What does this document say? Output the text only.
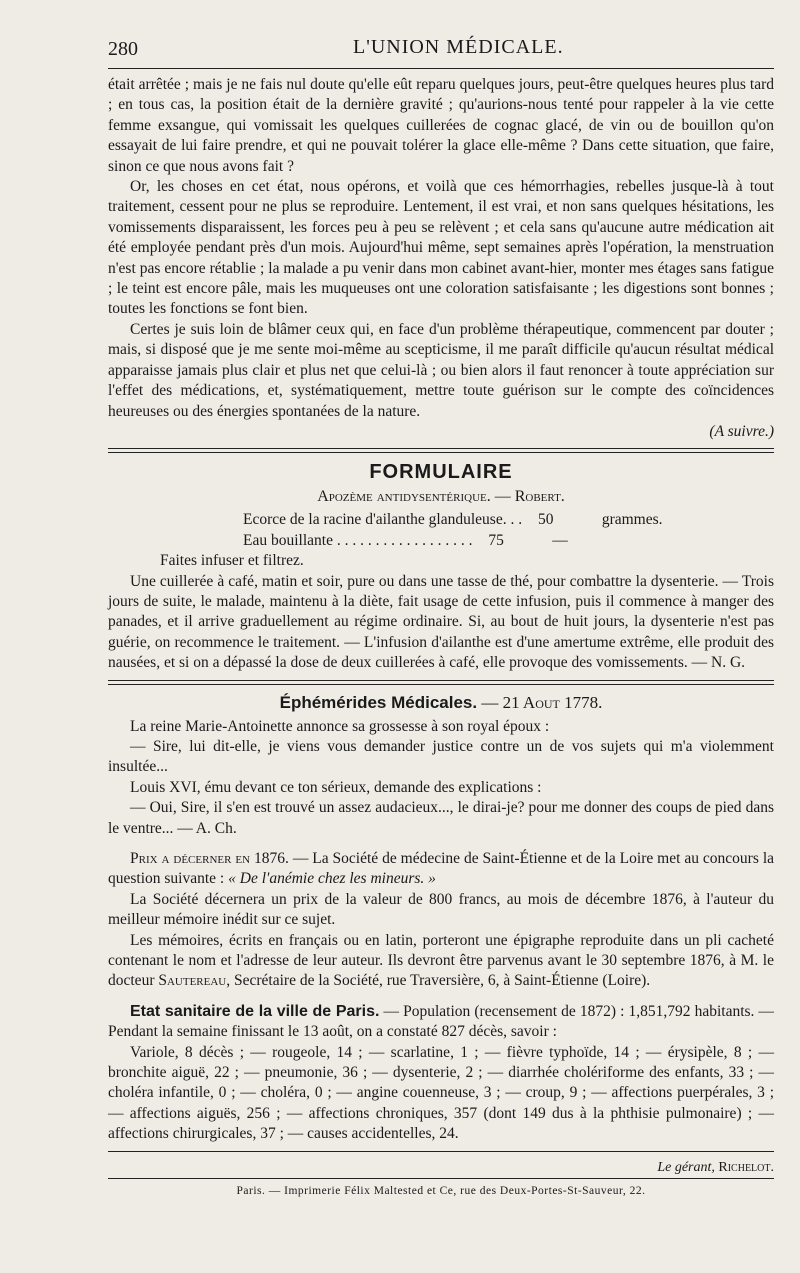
280	L'UNION MÉDICALE.

était arrêtée ; mais je ne fais nul doute qu'elle eût reparu quelques jours, peut-être quelques heures plus tard ; en tous cas, la position était de la dernière gravité ; qu'aurions-nous tenté pour rappeler à la vie cette femme exsangue, qui vomissait les quelques cuillerées de cognac glacé, de vin ou de bouillon qu'on essayait de lui faire prendre, et qui ne pouvait tolérer la glace elle-même ? Dans cette situation, que faire, sinon ce que nous avons fait ?

Or, les choses en cet état, nous opérons, et voilà que ces hémorrhagies, rebelles jusque-là à tout traitement, cessent pour ne plus se reproduire. Lentement, il est vrai, et non sans quelques hésitations, les vomissements disparaissent, les forces peu à peu se relèvent ; et cela sans qu'aucune autre médication ait été employée pendant près d'un mois. Aujourd'hui même, sept semaines après l'opération, la menstruation n'est pas encore rétablie ; la malade a pu venir dans mon cabinet avant-hier, monter mes étages sans fatigue ; le teint est encore pâle, mais les muqueuses ont une coloration satisfaisante ; les digestions sont bonnes ; toutes les fonctions se font bien.

Certes je suis loin de blâmer ceux qui, en face d'un problème thérapeutique, commencent par douter ; mais, si disposé que je me sente moi-même au scepticisme, il me paraît difficile qu'aucun résultat médical apparaisse jamais plus clair et plus net que celui-là ; ou bien alors il faut renoncer à toute appréciation sur l'effet des médications, et, systématiquement, mettre toute guérison sur le compte des coïncidences heureuses ou des énergies spontanées de la nature.

(A suivre.)

FORMULAIRE
Apozème antidysentérique. — Robert.
Ecorce de la racine d'ailanthe glanduleuse. . . 50	grammes.
Eau bouillante . . . . . . . . . . . . . . . . . . 75	—

Faites infuser et filtrez.

Une cuillerée à café, matin et soir, pure ou dans une tasse de thé, pour combattre la dysenterie. — Trois jours de suite, le malade, maintenu à la diète, fait usage de cette infusion, puis il commence à manger des panades, et il arrive graduellement au régime ordinaire. Si, au bout de huit jours, la dysenterie n'est pas guérie, on recommence le traitement. — L'infusion d'ailanthe est d'une amertume extrême, elle produit des nausées, et si on a dépassé la dose de deux cuillerées à café, elle provoque des vomissements. — N. G.

Éphémérides Médicales. — 21 Aout 1778.

La reine Marie-Antoinette annonce sa grossesse à son royal époux :

— Sire, lui dit-elle, je viens vous demander justice contre un de vos sujets qui m'a violemment insultée...

Louis XVI, ému devant ce ton sérieux, demande des explications :

— Oui, Sire, il s'en est trouvé un assez audacieux..., le dirai-je? pour me donner des coups de pied dans le ventre... — A. Ch.

Prix a décerner en 1876. — La Société de médecine de Saint-Étienne et de la Loire met au concours la question suivante : « De l'anémie chez les mineurs. »

La Société décernera un prix de la valeur de 800 francs, au mois de décembre 1876, à l'auteur du meilleur mémoire inédit sur ce sujet.

Les mémoires, écrits en français ou en latin, porteront une épigraphe reproduite dans un pli cacheté contenant le nom et l'adresse de leur auteur. Ils devront être parvenus avant le 30 septembre 1876, à M. le docteur Sautereau, Secrétaire de la Société, rue Traversière, 6, à Saint-Étienne (Loire).

Etat sanitaire de la ville de Paris. — Population (recensement de 1872) : 1,851,792 habitants. — Pendant la semaine finissant le 13 août, on a constaté 827 décès, savoir :

Variole, 8 décès ; — rougeole, 14 ; — scarlatine, 1 ; — fièvre typhoïde, 14 ; — érysipèle, 8 ; — bronchite aiguë, 22 ; — pneumonie, 36 ; — dysenterie, 2 ; — diarrhée cholériforme des enfants, 33 ; — choléra infantile, 0 ; — choléra, 0 ; — angine couenneuse, 3 ; — croup, 9 ; — affections puerpérales, 3 ; — affections aiguës, 256 ; — affections chroniques, 357 (dont 149 dus à la phthisie pulmonaire) ; — affections chirurgicales, 37 ; — causes accidentelles, 24.

Le gérant, Richelot.
Paris. — Imprimerie Félix Maltested et Ce, rue des Deux-Portes-St-Sauveur, 22.
